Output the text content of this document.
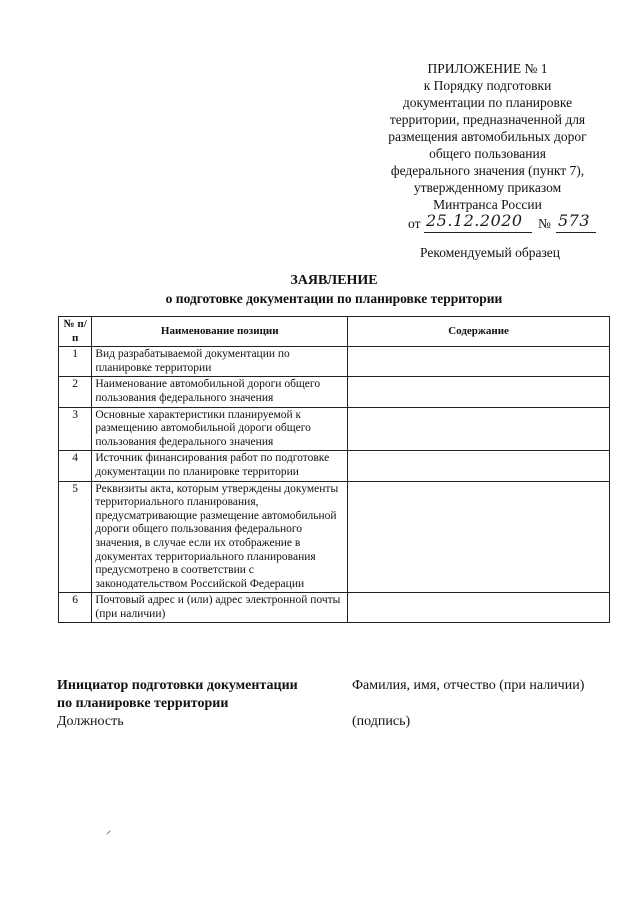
ПРИЛОЖЕНИЕ № 1
к Порядку подготовки
документации по планировке
территории, предназначенной для
размещения автомобильных дорог
общего пользования
федерального значения (пункт 7),
утвержденному приказом
Минтранса России
от 25.12.2020 № 573
Рекомендуемый образец
ЗАЯВЛЕНИЕ
о подготовке документации по планировке территории
№ п/п	Наименование позиции	Содержание
1	Вид разрабатываемой документации по планировке территории	
2	Наименование автомобильной дороги общего пользования федерального значения	
3	Основные характеристики планируемой к размещению автомобильной дороги общего пользования федерального значения	
4	Источник финансирования работ по подготовке документации по планировке территории	
5	Реквизиты акта, которым утверждены документы территориального планирования, предусматривающие размещение автомобильной дороги общего пользования федерального значения, в случае если их отображение в документах территориального планирования предусмотрено в соответствии с законодательством Российской Федерации	
6	Почтовый адрес и (или) адрес электронной почты (при наличии)	
Инициатор подготовки документации
по планировке территории
Должность
Фамилия, имя, отчество (при наличии)
(подпись)
